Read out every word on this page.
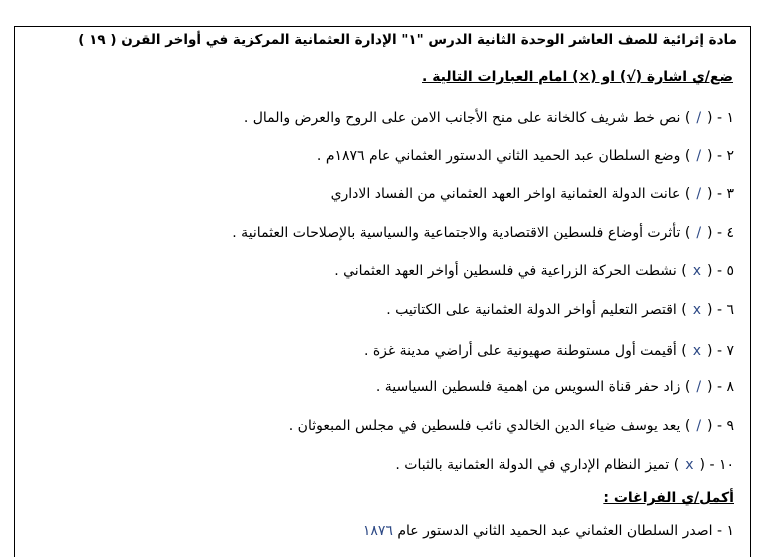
مادة إثرائية للصف العاشر الوحدة الثانية الدرس "١" الإدارة العثمانية المركزية في أواخر القرن ( ١٩ )
ضع/ي اشارة (√) او (×) امام العبارات التالية .
١ - (/) نص خط شريف كالخانة على منح الأجانب الامن على الروح والعرض والمال .
٢ - (/) وضع السلطان عبد الحميد الثاني الدستور العثماني عام ١٨٧٦م .
٣ - (/) عانت الدولة العثمانية اواخر العهد العثماني من الفساد الاداري
٤ - (/) تأثرت أوضاع فلسطين الاقتصادية والاجتماعية والسياسية بالإصلاحات العثمانية .
٥ - (x) نشطت الحركة الزراعية في فلسطين أواخر العهد العثماني .
٦ - (x) اقتصر التعليم أواخر الدولة العثمانية على الكتاتيب .
٧ - (x) أقيمت أول مستوطنة صهيونية على أراضي مدينة غزة .
٨ - (/) زاد حفر قناة السويس من اهمية فلسطين السياسية .
٩ - (/) يعد يوسف ضياء الدين الخالدي نائب فلسطين في مجلس المبعوثان .
١٠ - (x) تميز النظام الإداري في الدولة العثمانية بالثبات .
أكمل/ي الفراغات :
١ - اصدر السلطان العثماني عبد الحميد الثاني الدستور عام ١٨٧٦
